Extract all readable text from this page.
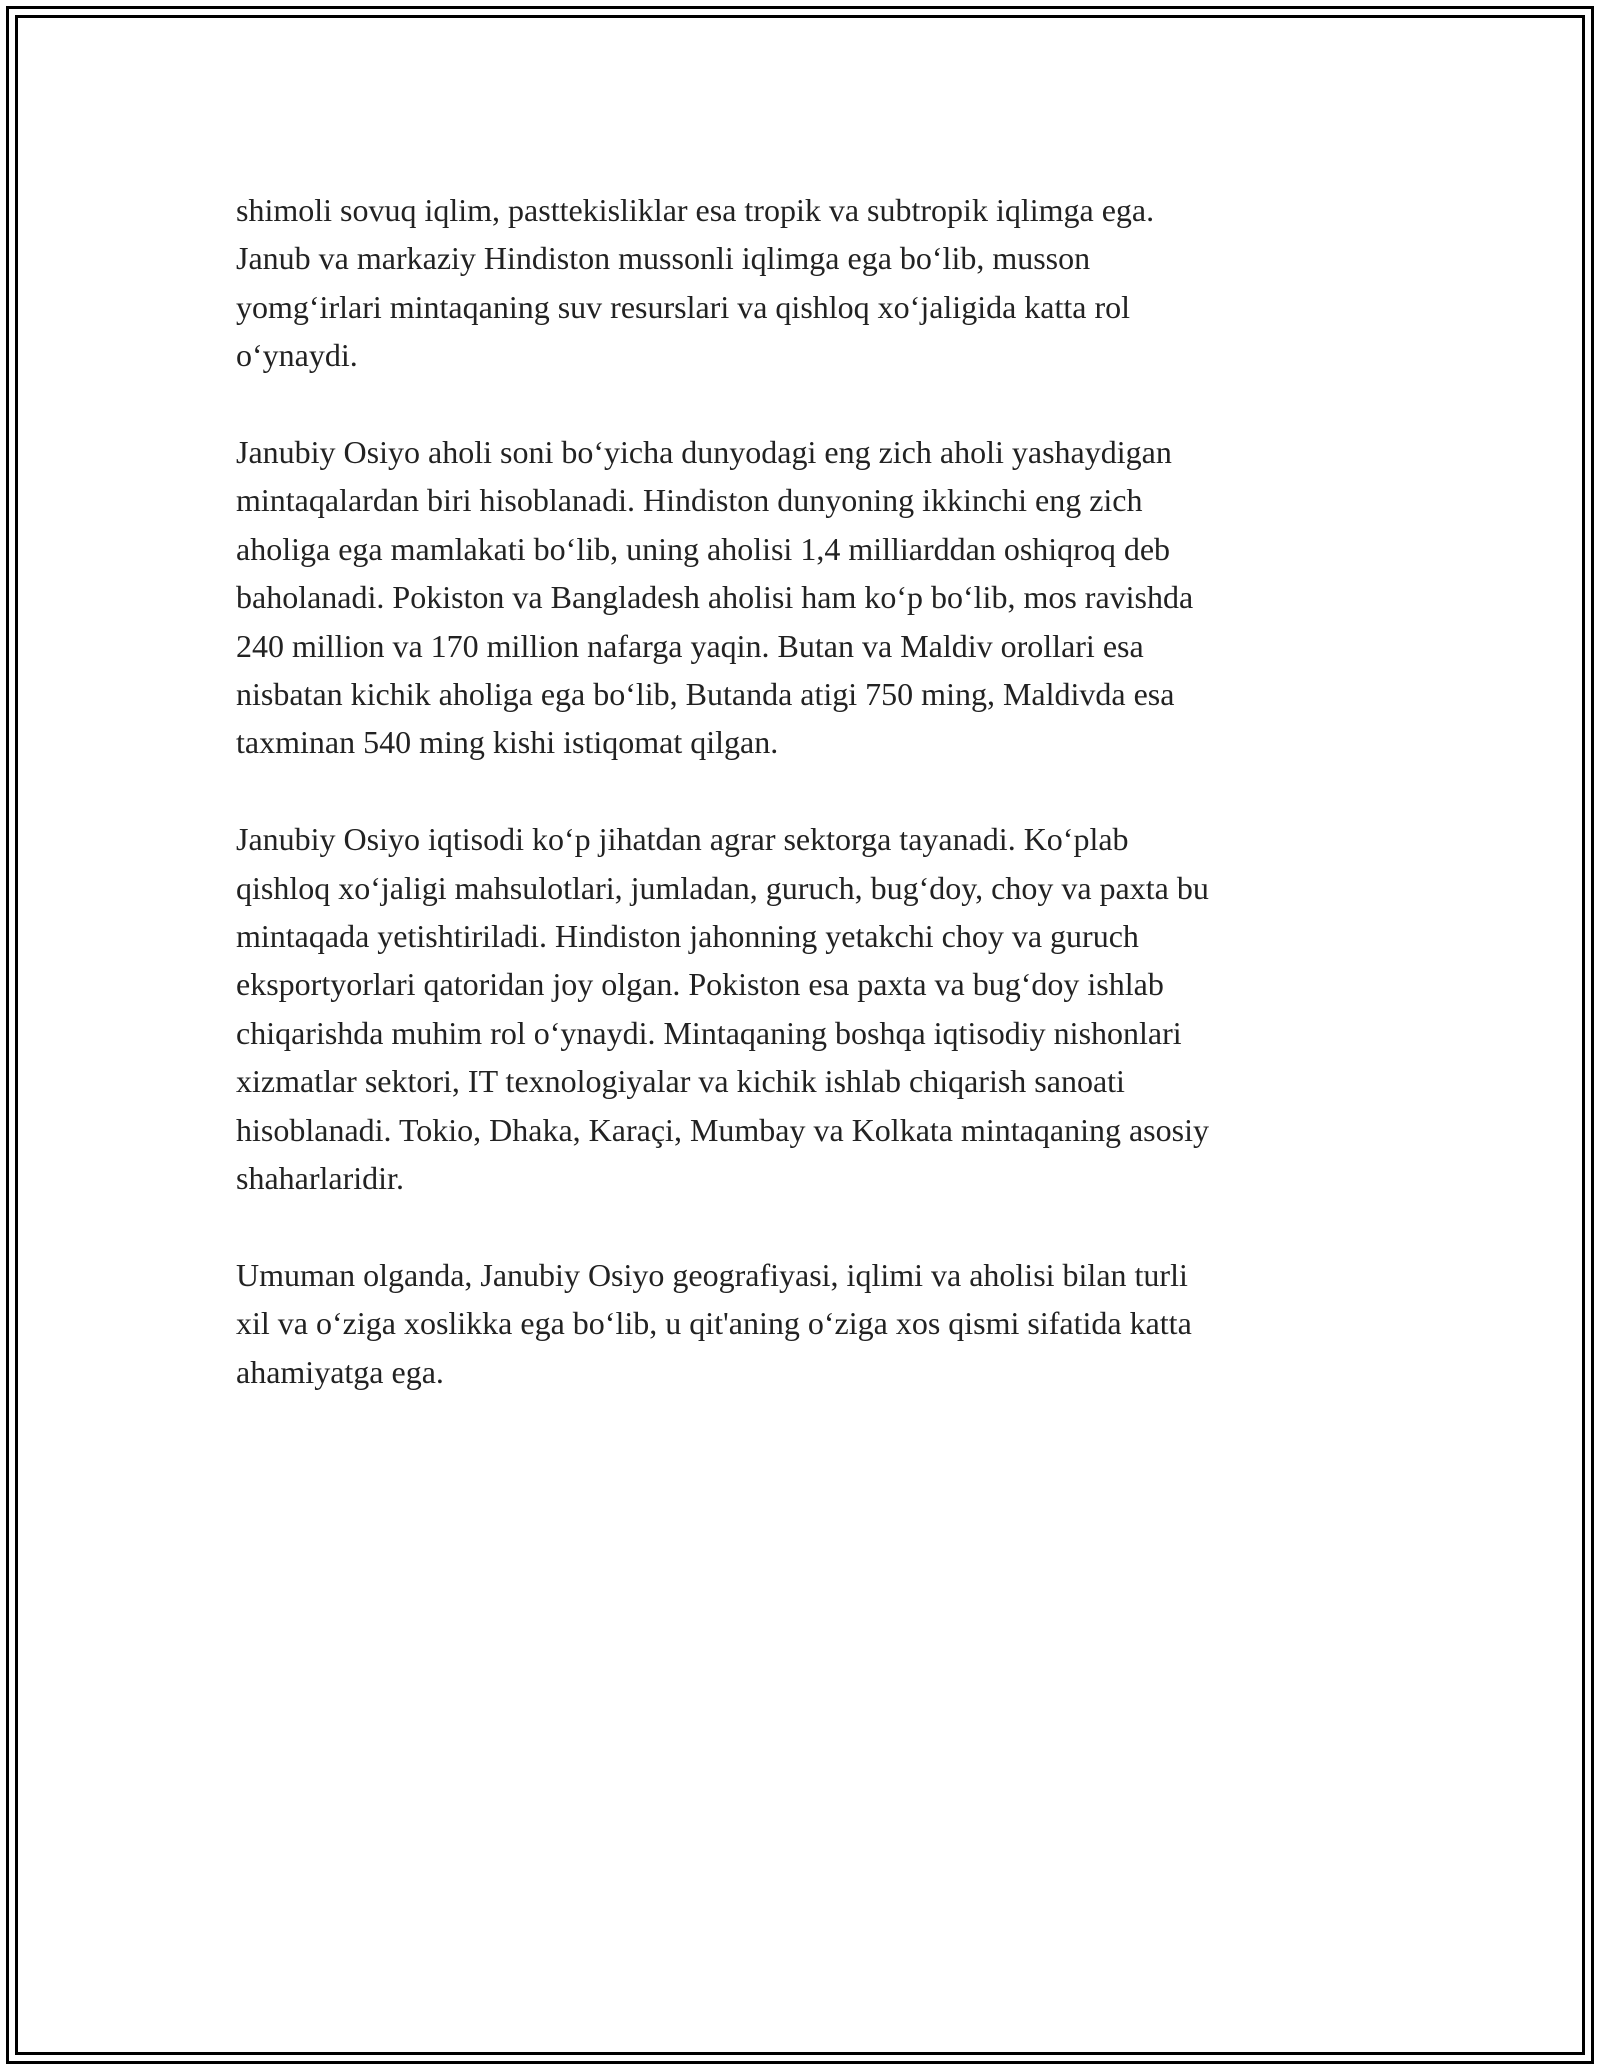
shimoli sovuq iqlim, pasttekisliklar esa tropik va subtropik iqlimga ega.
Janub va markaziy Hindiston mussonli iqlimga ega bo‘lib, musson
yomg‘irlari mintaqaning suv resurslari va qishloq xo‘jaligida katta rol
o‘ynaydi.

Janubiy Osiyo aholi soni bo‘yicha dunyodagi eng zich aholi yashaydigan
mintaqalardan biri hisoblanadi. Hindiston dunyoning ikkinchi eng zich
aholiga ega mamlakati bo‘lib, uning aholisi 1,4 milliarddan oshiqroq deb
baholanadi. Pokiston va Bangladesh aholisi ham ko‘p bo‘lib, mos ravishda
240 million va 170 million nafarga yaqin. Butan va Maldiv orollari esa
nisbatan kichik aholiga ega bo‘lib, Butanda atigi 750 ming, Maldivda esa
taxminan 540 ming kishi istiqomat qilgan.

Janubiy Osiyo iqtisodi ko‘p jihatdan agrar sektorga tayanadi. Ko‘plab
qishloq xo‘jaligi mahsulotlari, jumladan, guruch, bug‘doy, choy va paxta bu
mintaqada yetishtiriladi. Hindiston jahonning yetakchi choy va guruch
eksportyorlari qatoridan joy olgan. Pokiston esa paxta va bug‘doy ishlab
chiqarishda muhim rol o‘ynaydi. Mintaqaning boshqa iqtisodiy nishonlari
xizmatlar sektori, IT texnologiyalar va kichik ishlab chiqarish sanoati
hisoblanadi. Tokio, Dhaka, Karaçi, Mumbay va Kolkata mintaqaning asosiy
shaharlaridir.

Umuman olganda, Janubiy Osiyo geografiyasi, iqlimi va aholisi bilan turli
xil va o‘ziga xoslikka ega bo‘lib, u qit'aning o‘ziga xos qismi sifatida katta
ahamiyatga ega.
